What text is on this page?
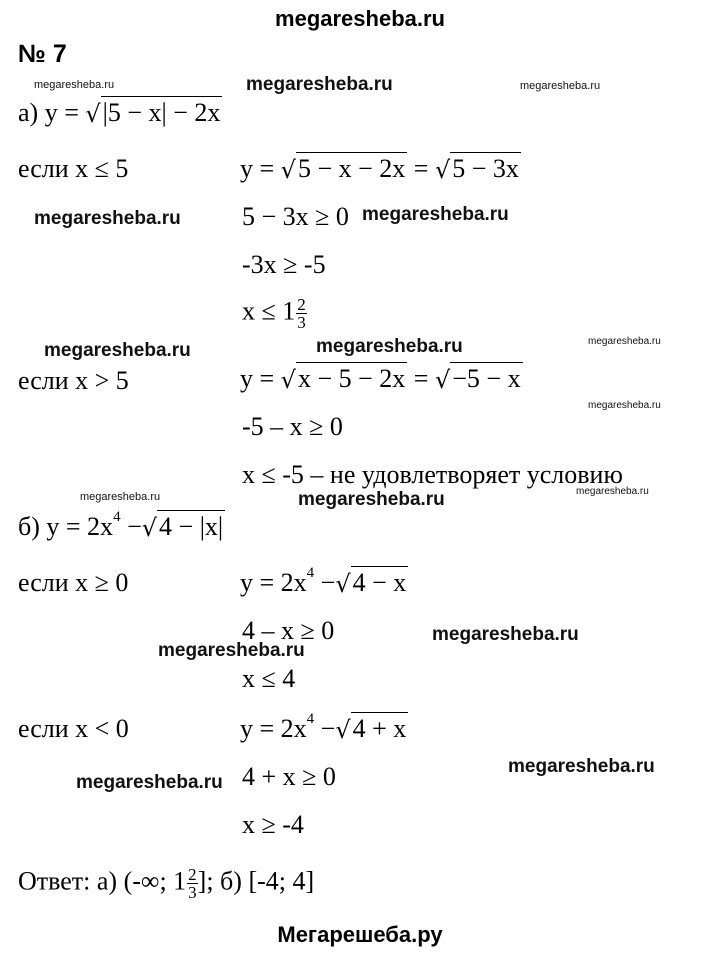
megaresheba.ru
№ 7
megaresheba.ru	megaresheba.ru	megaresheba.ru
megaresheba.ru	megaresheba.ru
megaresheba.ru	megaresheba.ru	megaresheba.ru
megaresheba.ru
megaresheba.ru	megaresheba.ru	megaresheba.ru
megaresheba.ru
megaresheba.ru
megaresheba.ru
megaresheba.ru
а) y = √|5 − x| − 2x
если x ≤ 5	y = √5 − x − 2x = √5 − 3x
5 − 3x ≥ 0
-3x ≥ -5
$x \le 1 \frac{2}{3}$
если x > 5	y = √x − 5 − 2x = √−5 − x
-5 – x ≥ 0
x ≤ -5 – не удовлетворяет условию
б) $y = 2x^4 -√4 - |x|$
если x ≥ 0	$y = 2x^4 -√4 - x$
4 – x ≥ 0
x ≤ 4
если x < 0	$y = 2x^4 -√4 + x$
4 + x ≥ 0
x ≥ -4
Ответ: а) (-∞; $1 \frac{2}{3}$ ]; б) [-4; 4]
Мегарешеба.ру
